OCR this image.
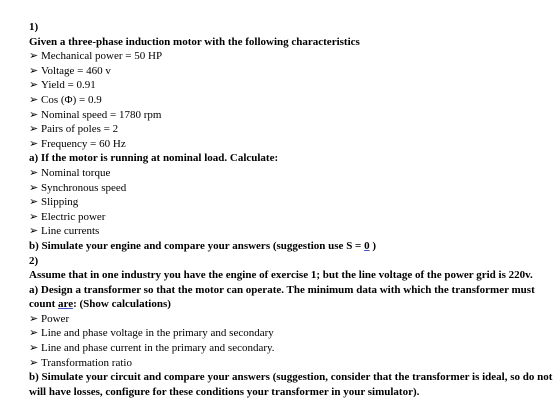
1)
Given a three-phase induction motor with the following characteristics
➢ Mechanical power = 50 HP
➢ Voltage = 460 v
➢ Yield = 0.91
➢ Cos (Φ) = 0.9
➢ Nominal speed = 1780 rpm
➢ Pairs of poles = 2
➢ Frequency = 60 Hz
a) If the motor is running at nominal load. Calculate:
➢ Nominal torque
➢ Synchronous speed
➢ Slipping
➢ Electric power
➢ Line currents
b) Simulate your engine and compare your answers (suggestion use S = 0 )
2)
Assume that in one industry you have the engine of exercise 1; but the line voltage of the power grid is 220v.
a) Design a transformer so that the motor can operate. The minimum data with which the transformer must count are: (Show calculations)
➢ Power
➢ Line and phase voltage in the primary and secondary
➢ Line and phase current in the primary and secondary.
➢ Transformation ratio
b) Simulate your circuit and compare your answers (suggestion, consider that the transformer is ideal, so do not will have losses, configure for these conditions your transformer in your simulator).
